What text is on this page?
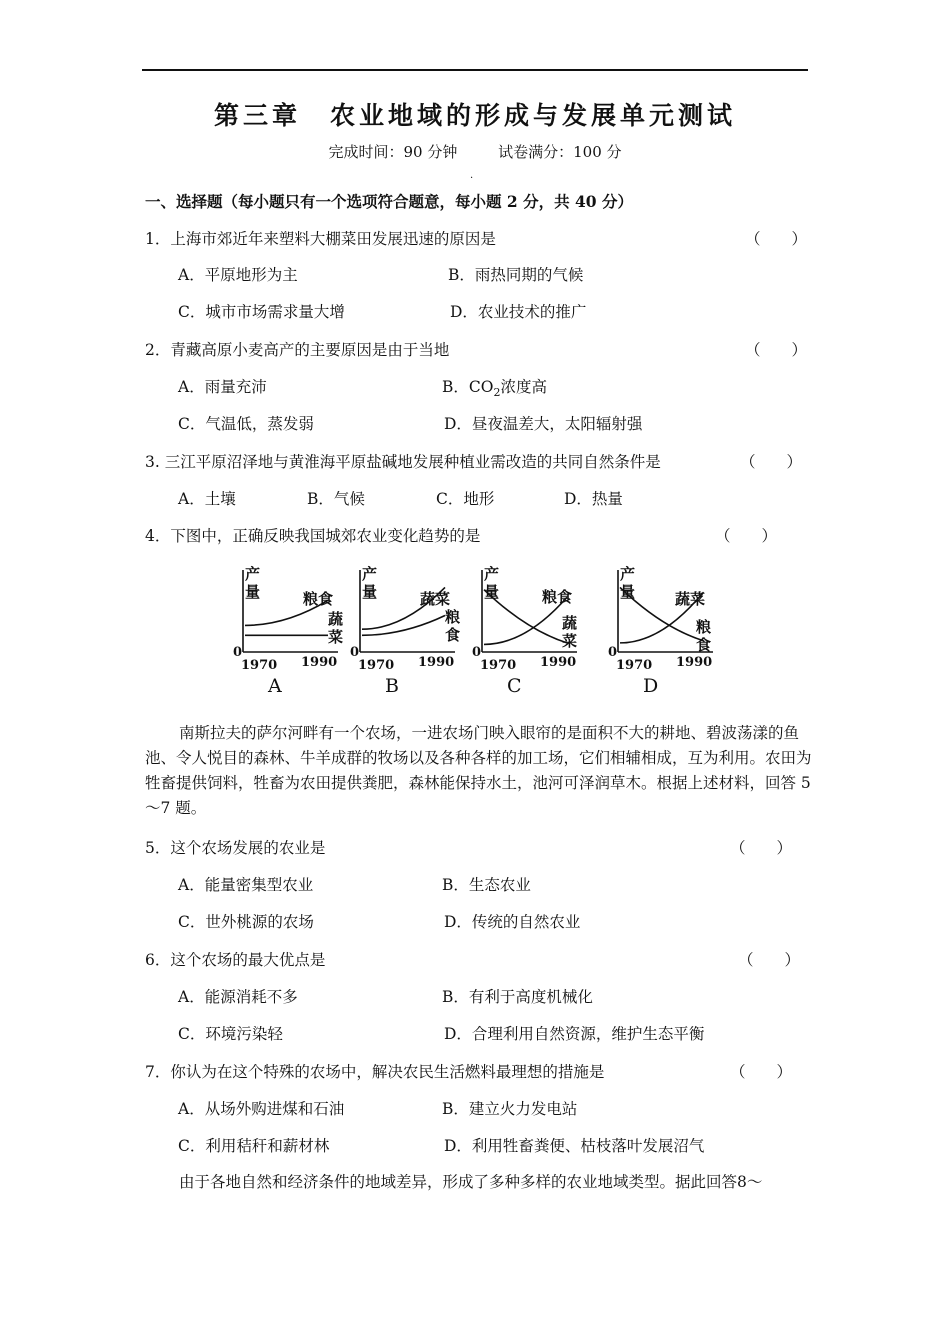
第三章　农业地域的形成与发展单元测试
完成时间：90 分钟	试卷满分：100 分
.
一、选择题（每小题只有一个选项符合题意，每小题 2 分，共 40 分）
1．上海市郊近年来塑料大棚菜田发展迅速的原因是	（　　）
A．平原地形为主	B．雨热同期的气候
C．城市市场需求量大增	D．农业技术的推广
2．青藏高原小麦高产的主要原因是由于当地	（　　）
A．雨量充沛	B．$CO_2$浓度高
C．气温低，蒸发弱	D．昼夜温差大，太阳辐射强
3. 三江平原沼泽地与黄淮海平原盐碱地发展种植业需改造的共同自然条件是	（　　）
A．土壤	B．气候	C．地形	D．热量
4．下图中，正确反映我国城郊农业变化趋势的是	（　　）
产
量
0
1970 1990
A
粮食
蔬
菜
产
量
0
1970 1990
B
蔬菜
粮
食
产
量
0
1970 1990
C
粮食
蔬
菜
产
量
0
1970 1990
D
蔬菜
粮
食
南斯拉夫的萨尔河畔有一个农场，一进农场门映入眼帘的是面积不大的耕地、碧波荡漾的鱼池、令人悦目的森林、牛羊成群的牧场以及各种各样的加工场，它们相辅相成，互为利用。农田为牲畜提供饲料，牲畜为农田提供粪肥，森林能保持水土，池河可泽润草木。根据上述材料，回答 5～7 题。
5．这个农场发展的农业是	（　　）
A．能量密集型农业	B．生态农业
C．世外桃源的农场	D．传统的自然农业
6．这个农场的最大优点是	（　　）
A．能源消耗不多	B．有利于高度机械化
C．环境污染轻	D．合理利用自然资源，维护生态平衡
7．你认为在这个特殊的农场中，解决农民生活燃料最理想的措施是	（　　）
A．从场外购进煤和石油	B．建立火力发电站
C．利用秸秆和薪材林	D．利用牲畜粪便、枯枝落叶发展沼气
由于各地自然和经济条件的地域差异，形成了多种多样的农业地域类型。据此回答8～
